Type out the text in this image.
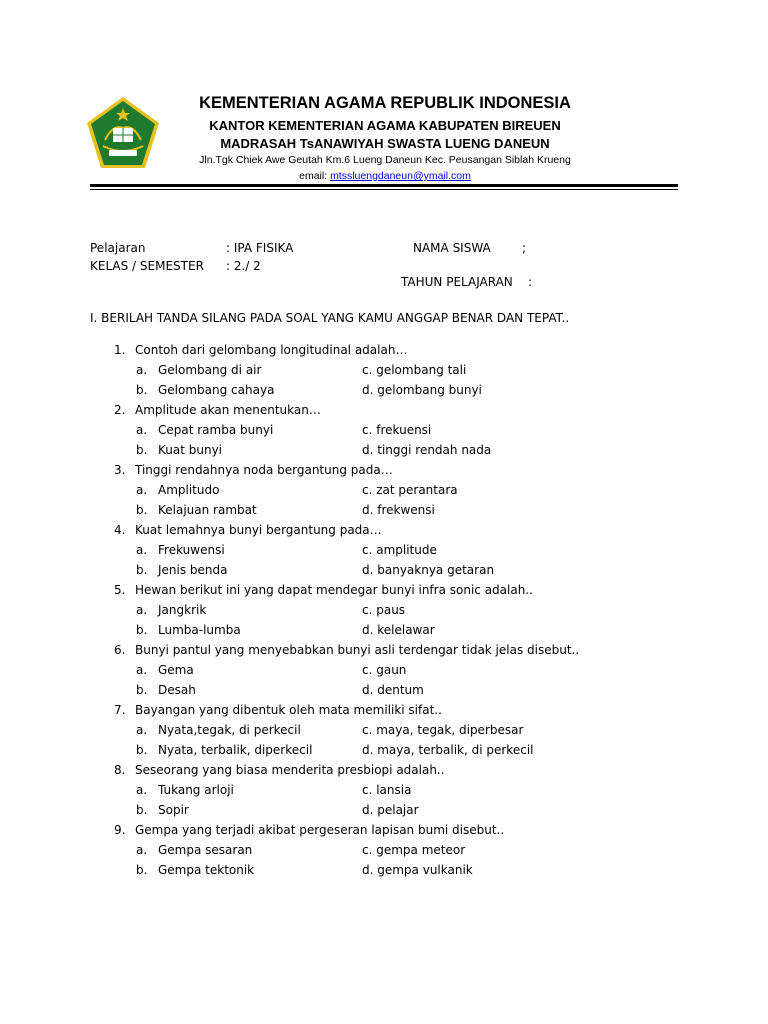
KEMENTERIAN AGAMA REPUBLIK INDONESIA
KANTOR KEMENTERIAN AGAMA KABUPATEN BIREUEN
MADRASAH TsANAWIYAH SWASTA LUENG DANEUN
Jln.Tgk Chiek Awe Geutah Km.6 Lueng Daneun Kec. Peusangan Siblah Krueng
email: mtssluengdaneun@ymail.com
Pelajaran	: IPA FISIKA	NAMA SISWA	;
KELAS / SEMESTER : 2./ 2
TAHUN PELAJARAN :
I. BERILAH TANDA SILANG PADA SOAL YANG KAMU ANGGAP BENAR DAN TEPAT..
1. Contoh dari gelombang longitudinal adalah…
a. Gelombang di air	c. gelombang tali
b. Gelombang cahaya	d. gelombang bunyi
2. Amplitude akan menentukan…
a. Cepat ramba bunyi	c. frekuensi
b. Kuat bunyi	d. tinggi rendah nada
3. Tinggi rendahnya noda bergantung pada…
a. Amplitudo	c. zat perantara
b. Kelajuan rambat	d. frekwensi
4. Kuat lemahnya bunyi bergantung pada…
a. Frekuwensi	c. amplitude
b. Jenis benda	d. banyaknya getaran
5. Hewan berikut ini yang dapat mendegar bunyi infra sonic adalah..
a. Jangkrik	c. paus
b. Lumba-lumba	d. kelelawar
6. Bunyi pantul yang menyebabkan bunyi asli terdengar tidak jelas disebut..
a. Gema	c. gaun
b. Desah	d. dentum
7. Bayangan yang dibentuk oleh mata memiliki sifat..
a. Nyata,tegak, di perkecil	c. maya, tegak, diperbesar
b. Nyata, terbalik, diperkecil	d. maya, terbalik, di perkecil
8. Seseorang yang biasa menderita presbiopi adalah..
a. Tukang arloji	c. lansia
b. Sopir	d. pelajar
9. Gempa yang terjadi akibat pergeseran lapisan bumi disebut..
a. Gempa sesaran	c. gempa meteor
b. Gempa tektonik	d. gempa vulkanik
